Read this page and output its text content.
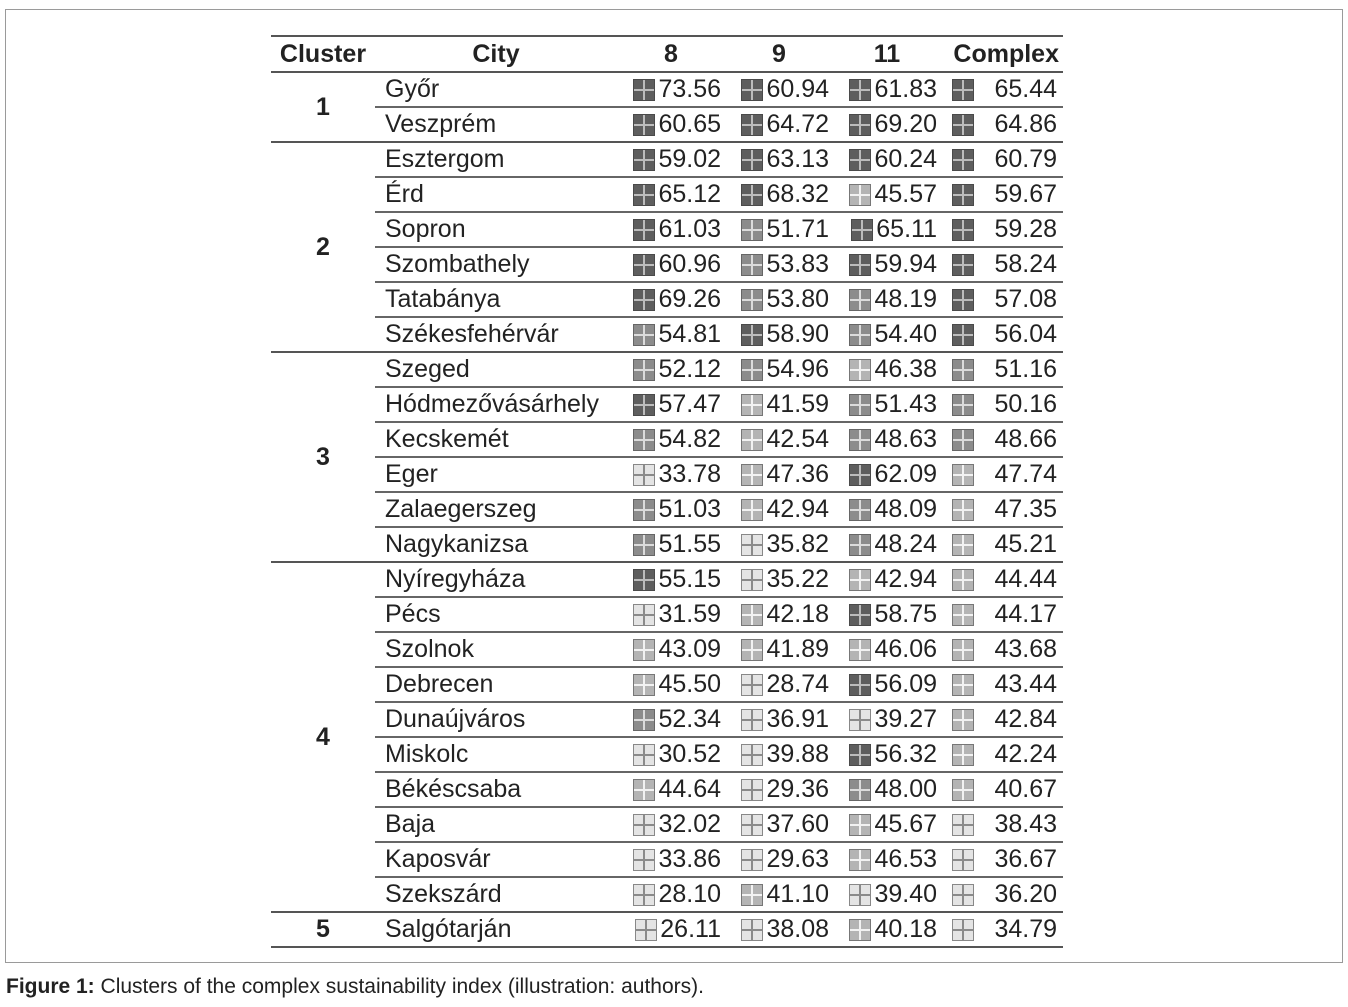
Cluster	City	8	9	11	Complex
1	Győr	73.56	60.94	61.83	65.44
	Veszprém	60.65	64.72	69.20	64.86
2	Esztergom	59.02	63.13	60.24	60.79
	Érd	65.12	68.32	45.57	59.67
	Sopron	61.03	51.71	65.11	59.28
	Szombathely	60.96	53.83	59.94	58.24
	Tatabánya	69.26	53.80	48.19	57.08
	Székesfehérvár	54.81	58.90	54.40	56.04
3	Szeged	52.12	54.96	46.38	51.16
	Hódmezővásárhely	57.47	41.59	51.43	50.16
	Kecskemét	54.82	42.54	48.63	48.66
	Eger	33.78	47.36	62.09	47.74
	Zalaegerszeg	51.03	42.94	48.09	47.35
	Nagykanizsa	51.55	35.82	48.24	45.21
4	Nyíregyháza	55.15	35.22	42.94	44.44
	Pécs	31.59	42.18	58.75	44.17
	Szolnok	43.09	41.89	46.06	43.68
	Debrecen	45.50	28.74	56.09	43.44
	Dunaújváros	52.34	36.91	39.27	42.84
	Miskolc	30.52	39.88	56.32	42.24
	Békéscsaba	44.64	29.36	48.00	40.67
	Baja	32.02	37.60	45.67	38.43
	Kaposvár	33.86	29.63	46.53	36.67
	Szekszárd	28.10	41.10	39.40	36.20
5	Salgótarján	26.11	38.08	40.18	34.79
Figure 1: Clusters of the complex sustainability index (illustration: authors).
